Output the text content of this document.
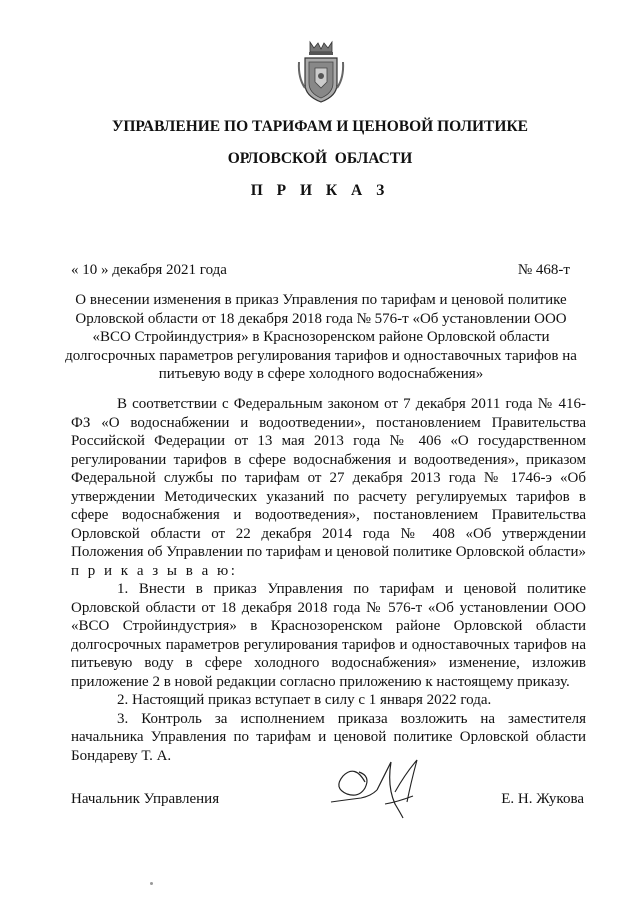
УПРАВЛЕНИЕ ПО ТАРИФАМ И ЦЕНОВОЙ ПОЛИТИКЕ
ОРЛОВСКОЙ  ОБЛАСТИ
П Р И К А З
« 10 » декабря 2021 года	№ 468-т
О внесении изменения в приказ Управления по тарифам и ценовой политике Орловской области от 18 декабря 2018 года № 576-т «Об установлении ООО «ВСО Стройиндустрия» в Краснозоренском районе Орловской области долгосрочных параметров регулирования тарифов и одноставочных тарифов на питьевую воду в сфере холодного водоснабжения»

В соответствии с Федеральным законом от 7 декабря 2011 года № 416-ФЗ «О водоснабжении и водоотведении», постановлением Правительства Российской Федерации от 13 мая 2013 года № 406 «О государственном регулировании тарифов в сфере водоснабжения и водоотведения», приказом Федеральной службы по тарифам от 27 декабря 2013 года № 1746-э «Об утверждении Методических указаний по расчету регулируемых тарифов в сфере водоснабжения и водоотведения», постановлением Правительства Орловской области от 22 декабря 2014 года № 408 «Об утверждении Положения об Управлении по тарифам и ценовой политике Орловской области» п р и к а з ы в а ю:

1. Внести в приказ Управления по тарифам и ценовой политике Орловской области от 18 декабря 2018 года № 576-т «Об установлении ООО «ВСО Стройиндустрия» в Краснозоренском районе Орловской области долгосрочных параметров регулирования тарифов и одноставочных тарифов на питьевую воду в сфере холодного водоснабжения» изменение, изложив приложение 2 в новой редакции согласно приложению к настоящему приказу.

2. Настоящий приказ вступает в силу с 1 января 2022 года.

3. Контроль за исполнением приказа возложить на заместителя начальника Управления по тарифам и ценовой политике Орловской области Бондареву Т. А.

Начальник Управления	Е. Н. Жукова
